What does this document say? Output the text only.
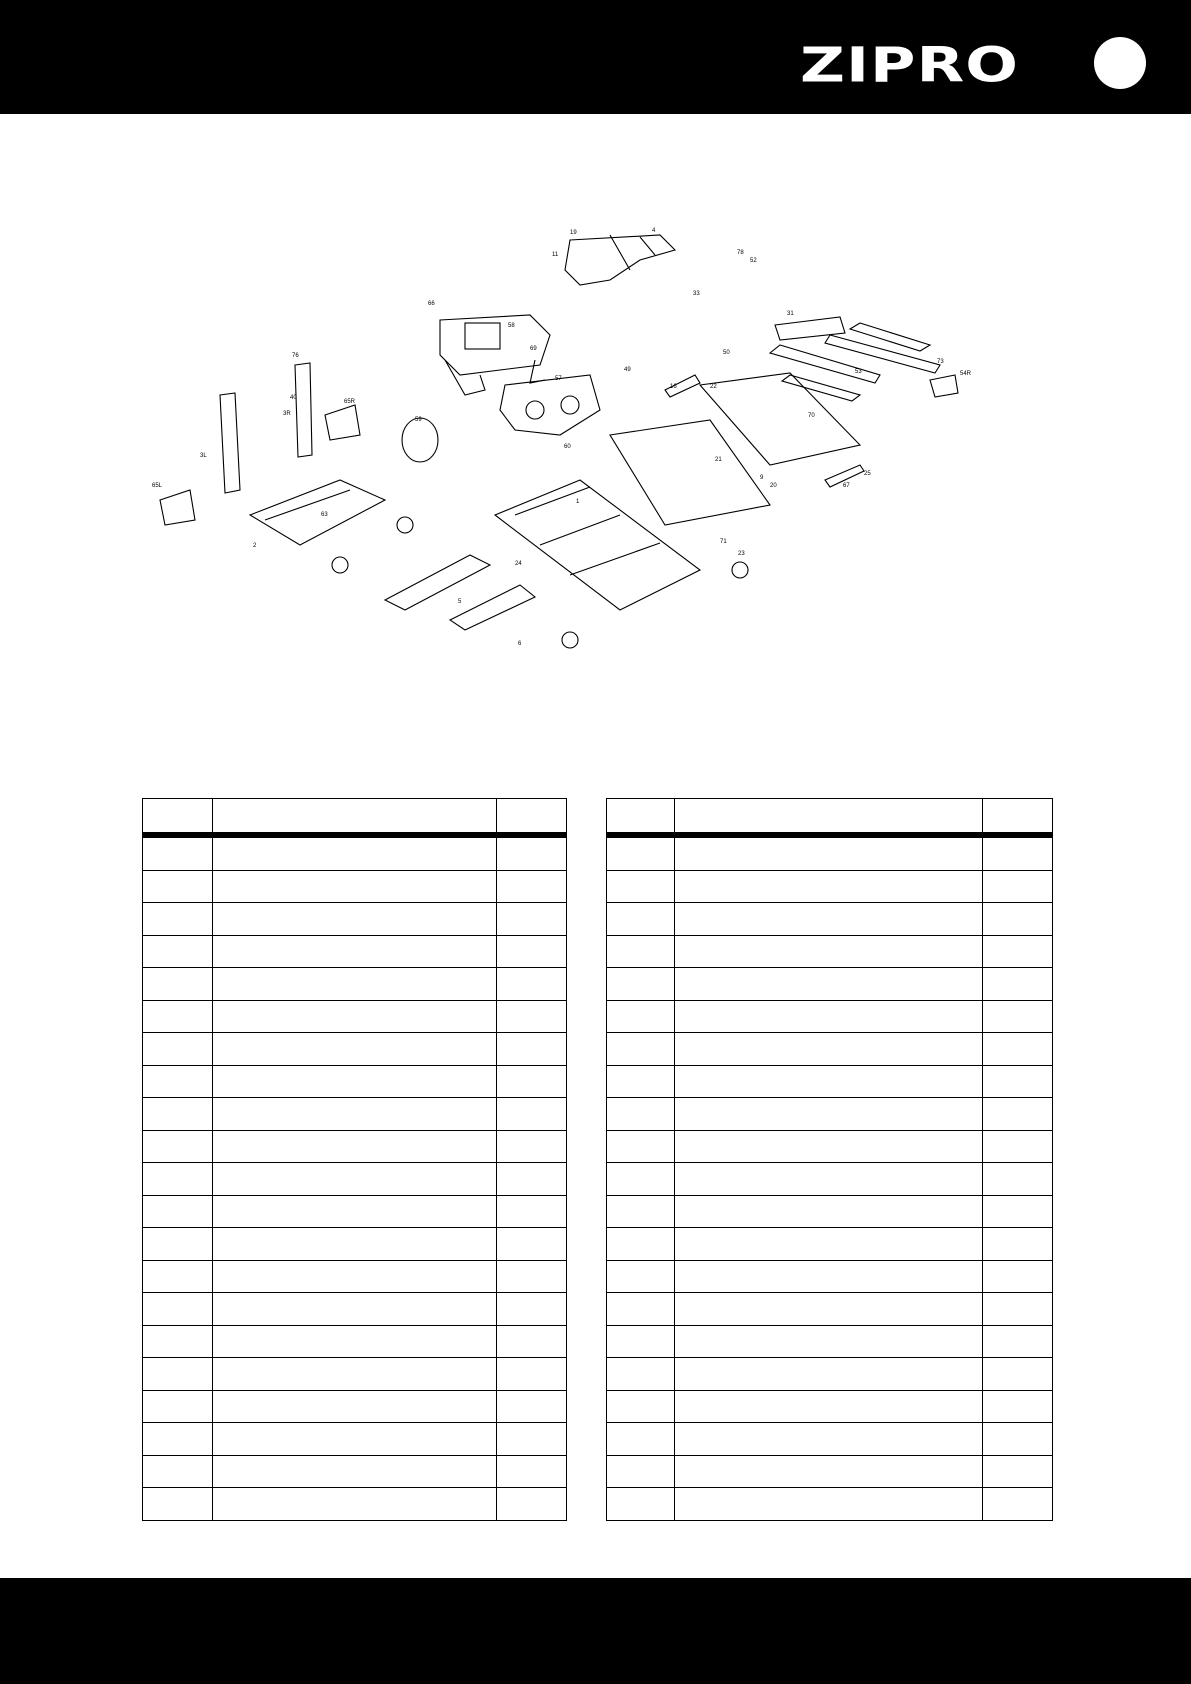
ZIPRO
66
58
69
57
19	4
11	78
52
33
31
50
53
73
54R
70
21
9
67
25
22
16
49
76
40
3R
65R
3L
59
60
1
2
63
65L
5
24
6
71
23
20
